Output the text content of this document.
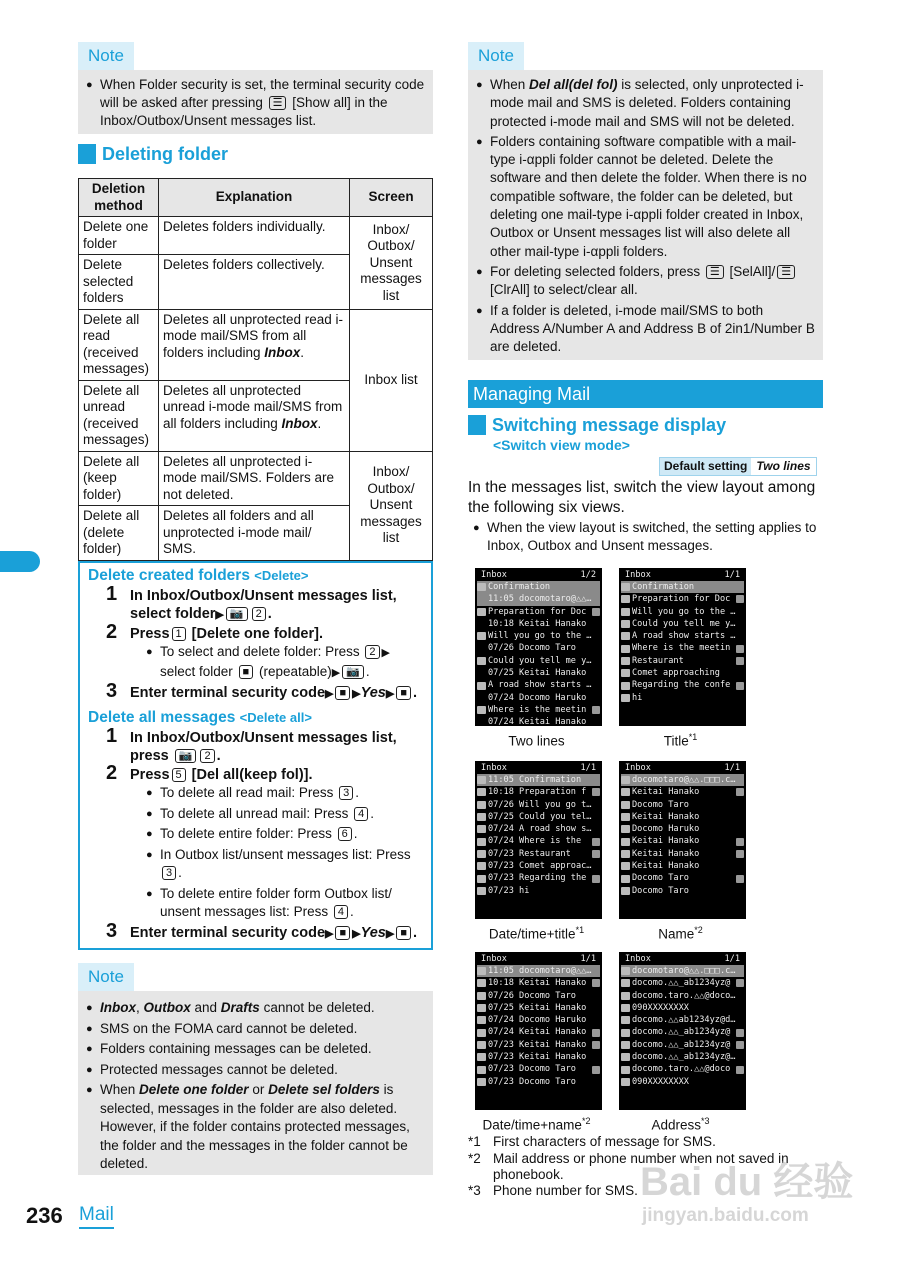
Note
● When Folder security is set, the terminal security code will be asked after pressing ☰ [Show all] in the Inbox/Outbox/Unsent messages list.
Deleting folder
Deletion method	Explanation	Screen
Delete one folder	Deletes folders individually.	Inbox/ Outbox/ Unsent messages list
Delete selected folders	Deletes folders collectively.	
Delete all read (received messages)	Deletes all unprotected read i-mode mail/SMS from all folders including Inbox.	Inbox list
Delete all unread (received messages)	Deletes all unprotected unread i-mode mail/SMS from all folders including Inbox.	
Delete all (keep folder)	Deletes all unprotected i-mode mail/SMS. Folders are not deleted.	Inbox/ Outbox/ Unsent messages list
Delete all (delete folder)	Deletes all folders and all unprotected i-mode mail/ SMS.	
Delete created folders <Delete>
1 In Inbox/Outbox/Unsent messages list, select folder▶ 📷 2 .
2 Press 1 [Delete one folder].
● To select and delete folder: Press 2 ▶ select folder ■ (repeatable)▶ 📷 .
3 Enter terminal security code▶ ■ ▶Yes▶ ■ .
Delete all messages <Delete all>
1 In Inbox/Outbox/Unsent messages list, press 📷 2 .
2 Press 5 [Del all(keep fol)].
● To delete all read mail: Press 3 .
● To delete all unread mail: Press 4 .
● To delete entire folder: Press 6 .
● In Outbox list/unsent messages list: Press 3 .
● To delete entire folder form Outbox list/ unsent messages list: Press 4 .
3 Enter terminal security code▶ ■ ▶Yes▶ ■ .
Note
● Inbox, Outbox and Drafts cannot be deleted.
● SMS on the FOMA card cannot be deleted.
● Folders containing messages can be deleted.
● Protected messages cannot be deleted.
● When Delete one folder or Delete sel folders is selected, messages in the folder are also deleted. However, if the folder contains protected messages, the folder and the messages in the folder cannot be deleted.
236 Mail
Note
● When Del all(del fol) is selected, only unprotected i-mode mail and SMS is deleted. Folders containing protected i-mode mail and SMS will not be deleted.
● Folders containing software compatible with a mail-type i-αppli folder cannot be deleted. Delete the software and then delete the folder. When there is no compatible software, the folder can be deleted, but deleting one mail-type i-αppli folder created in Inbox, Outbox or Unsent messages list will also delete all other mail-type i-αppli folders.
● For deleting selected folders, press ☰ [SelAll]/ ☰ [ClrAll] to select/clear all.
● If a folder is deleted, i-mode mail/SMS to both Address A/Number A and Address B of 2in1/Number B are deleted.
Managing Mail
Switching message display
<Switch view mode>
Default setting Two lines
In the messages list, switch the view layout among the following six views.
● When the view layout is switched, the setting applies to Inbox, Outbox and Unsent messages.
Inbox	1/2
Confirmation
11:05 docomotaro@△△…
Preparation for Doc
10:18 Keitai Hanako
Will you go to the …
07/26 Docomo Taro
Could you tell me y…
07/25 Keitai Hanako
A road show starts …
07/24 Docomo Haruko
Where is the meetin
07/24 Keitai Hanako
Two lines
Inbox	1/1
Confirmation
Preparation for Doc
Will you go to the …
Could you tell me y…
A road show starts …
Where is the meetin
Restaurant
Comet approaching
Regarding the confe
hi
Title$^{*1}$
Inbox	1/1
11:05 Confirmation
10:18 Preparation f
07/26 Will you go t…
07/25 Could you tel…
07/24 A road show s…
07/24 Where is the
07/23 Restaurant
07/23 Comet approac…
07/23 Regarding the
07/23 hi
Date/time+title$^{*1}$
Inbox	1/1
docomotaro@△△.□□□.c…
Keitai Hanako
Docomo Taro
Keitai Hanako
Docomo Haruko
Keitai Hanako
Keitai Hanako
Keitai Hanako
Docomo Taro
Docomo Taro
Name$^{*2}$
Inbox	1/1
11:05 docomotaro@△△…
10:18 Keitai Hanako
07/26 Docomo Taro
07/25 Keitai Hanako
07/24 Docomo Haruko
07/24 Keitai Hanako
07/23 Keitai Hanako
07/23 Keitai Hanako
07/23 Docomo Taro
07/23 Docomo Taro
Date/time+name$^{*2}$
Inbox	1/1
docomotaro@△△.□□□.c…
docomo.△△_ab1234yz@
docomo.taro.△△@doco…
090XXXXXXXX
docomo.△△ab1234yz@d…
docomo.△△_ab1234yz@
docomo.△△_ab1234yz@
docomo.△△_ab1234yz@…
docomo.taro.△△@doco
090XXXXXXXX
Address$^{*3}$
*1 First characters of message for SMS.
*2 Mail address or phone number when not saved in phonebook.
*3 Phone number for SMS. Bai du 经验
jingyan.baidu.com
